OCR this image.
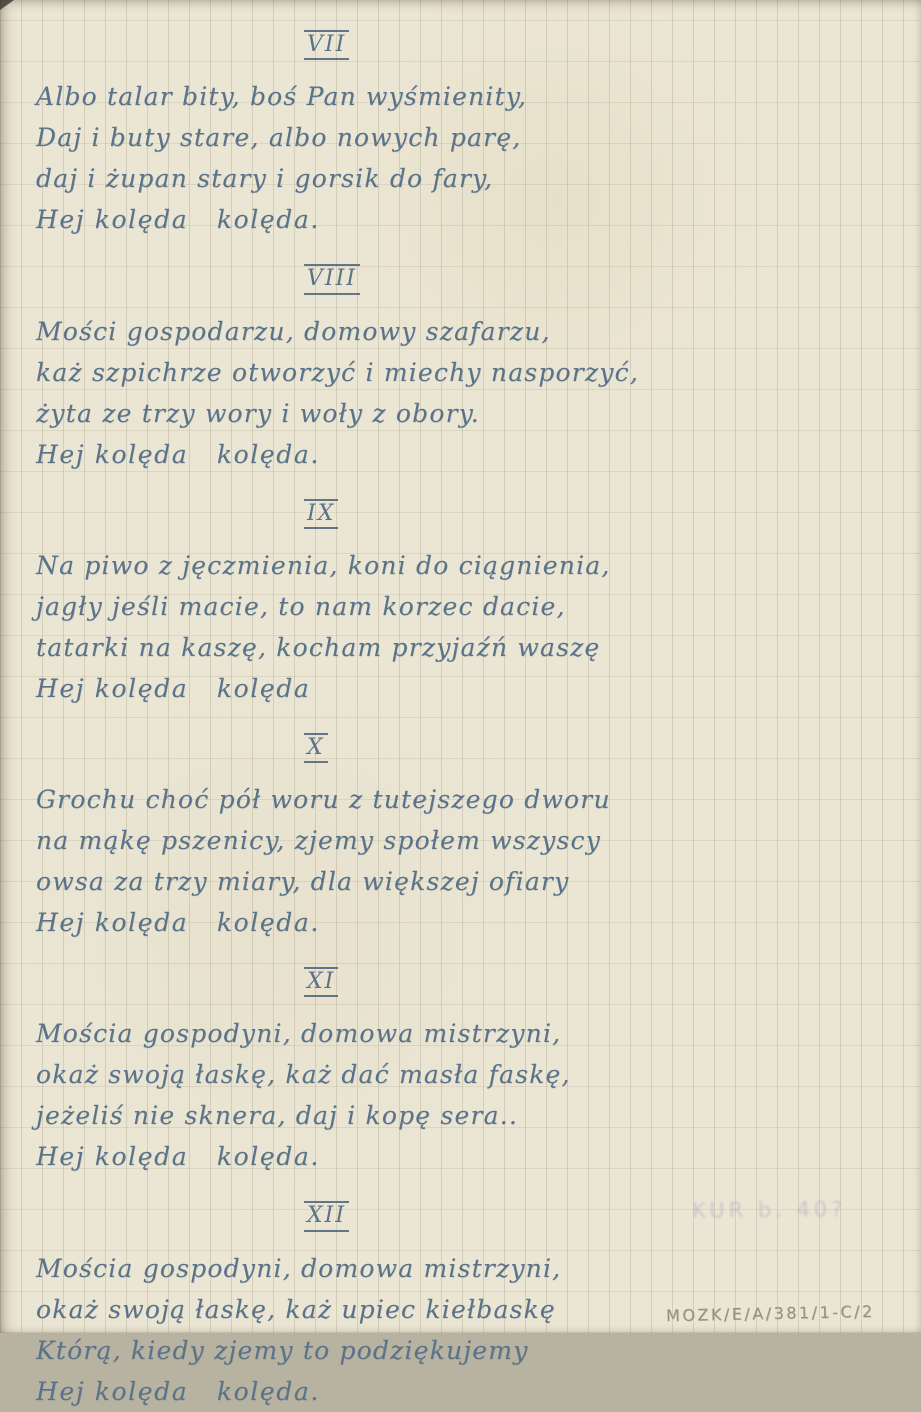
VII
Albo talar bity, boś Pan wyśmienity,
Daj i buty stare, albo nowych parę,
daj i żupan stary i gorsik do fary,
Hej kolęda   kolęda.
VIII
Mości gospodarzu, domowy szafarzu,
każ szpichrze otworzyć i miechy nasporzyć,
żyta ze trzy wory i woły z obory.
Hej kolęda   kolęda.
IX
Na piwo z jęczmienia, koni do ciągnienia,
jagły jeśli macie, to nam korzec dacie,
tatarki na kaszę, kocham przyjaźń waszę
Hej kolęda   kolęda
X
Grochu choć pół woru z tutejszego dworu
na mąkę pszenicy, zjemy społem wszyscy
owsa za trzy miary, dla większej ofiary
Hej kolęda   kolęda.
XI
Mościa gospodyni, domowa mistrzyni,
okaż swoją łaskę, każ dać masła faskę,
jeżeliś nie sknera, daj i kopę sera..
Hej kolęda   kolęda.
XII
Mościa gospodyni, domowa mistrzyni,
okaż swoją łaskę, każ upiec kiełbaskę
Którą, kiedy zjemy to podziękujemy
Hej kolęda   kolęda.
KUR b. 40?
MOZK/E/A/381/1-C/2
